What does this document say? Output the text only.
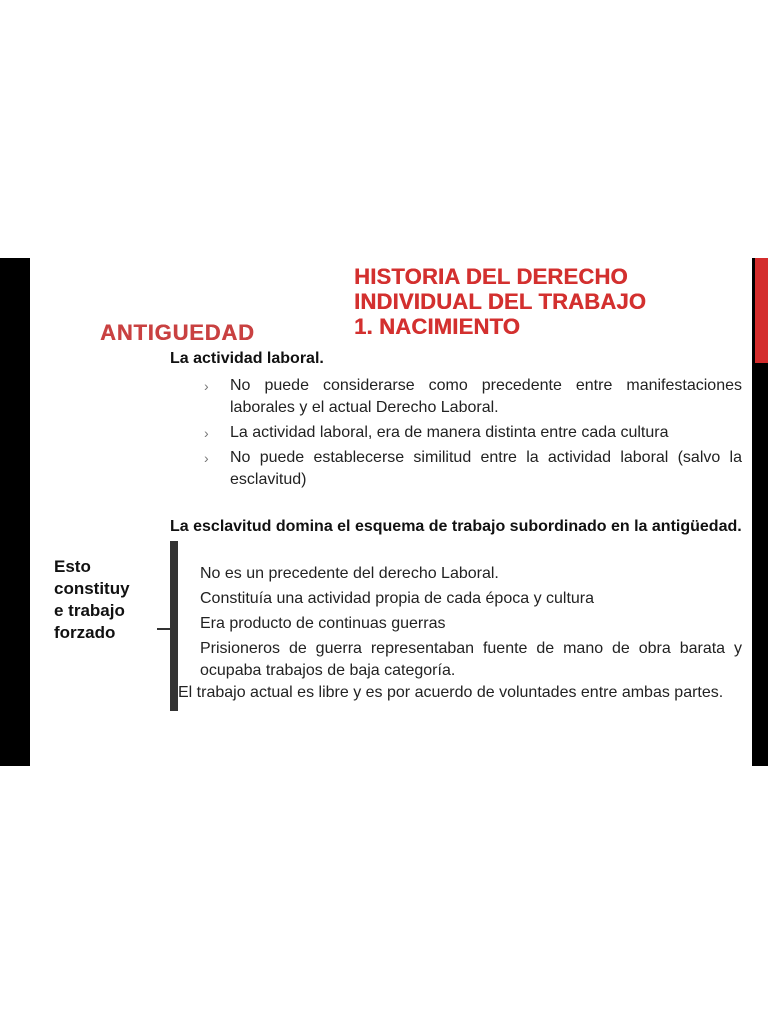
HISTORIA DEL DERECHO
INDIVIDUAL DEL TRABAJO
1. NACIMIENTO
ANTIGUEDAD
La actividad laboral.
› No puede considerarse como precedente entre manifestaciones laborales y el actual Derecho Laboral.
› La actividad laboral, era de manera distinta entre cada cultura
› No puede establecerse similitud entre la actividad laboral (salvo la esclavitud)
La esclavitud domina el esquema de trabajo subordinado en la antigüedad.
No es un precedente del derecho Laboral.
Constituía una actividad propia de cada época y cultura
Era producto de continuas guerras
Prisioneros de guerra representaban fuente de mano de obra barata y ocupaba trabajos de baja categoría.
El trabajo actual es libre y es por acuerdo de voluntades entre ambas partes.
Esto
constituy
e trabajo
forzado
